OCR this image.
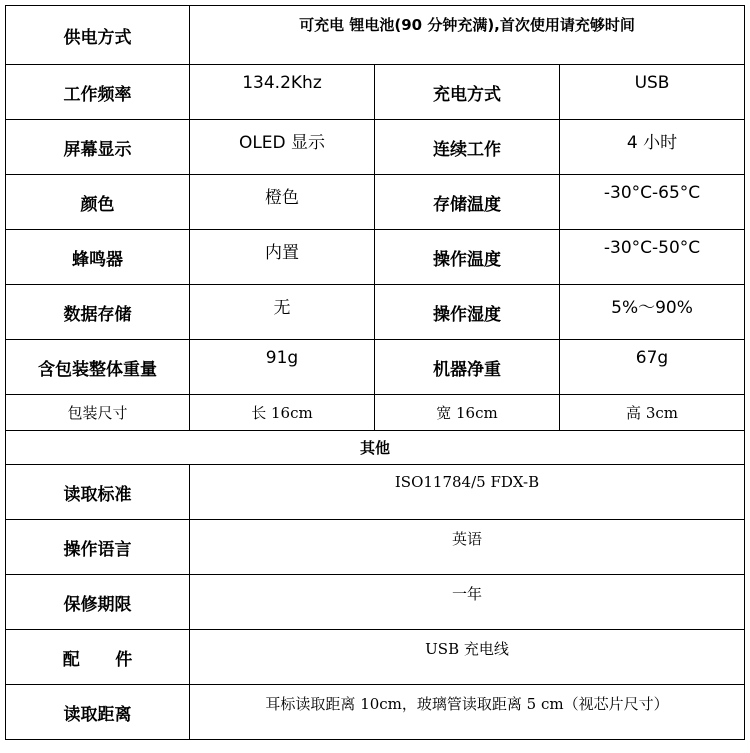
供电方式	可充电 锂电池(90 分钟充满),首次使用请充够时间		
工作频率	134.2Khz	充电方式	USB
屏幕显示	OLED 显示	连续工作	4 小时
颜色	橙色	存储温度	-30°C-65°C
蜂鸣器	内置	操作温度	-30°C-50°C
数据存储	无	操作湿度	5%～90%
含包装整体重量	91g	机器净重	67g
包装尺寸	长 16cm	宽 16cm	高 3cm
其他			
读取标准	ISO11784/5 FDX-B		
操作语言	英语		
保修期限	一年		
配      件	USB 充电线		
读取距离	耳标读取距离 10cm，玻璃管读取距离 5 cm（视芯片尺寸）		
